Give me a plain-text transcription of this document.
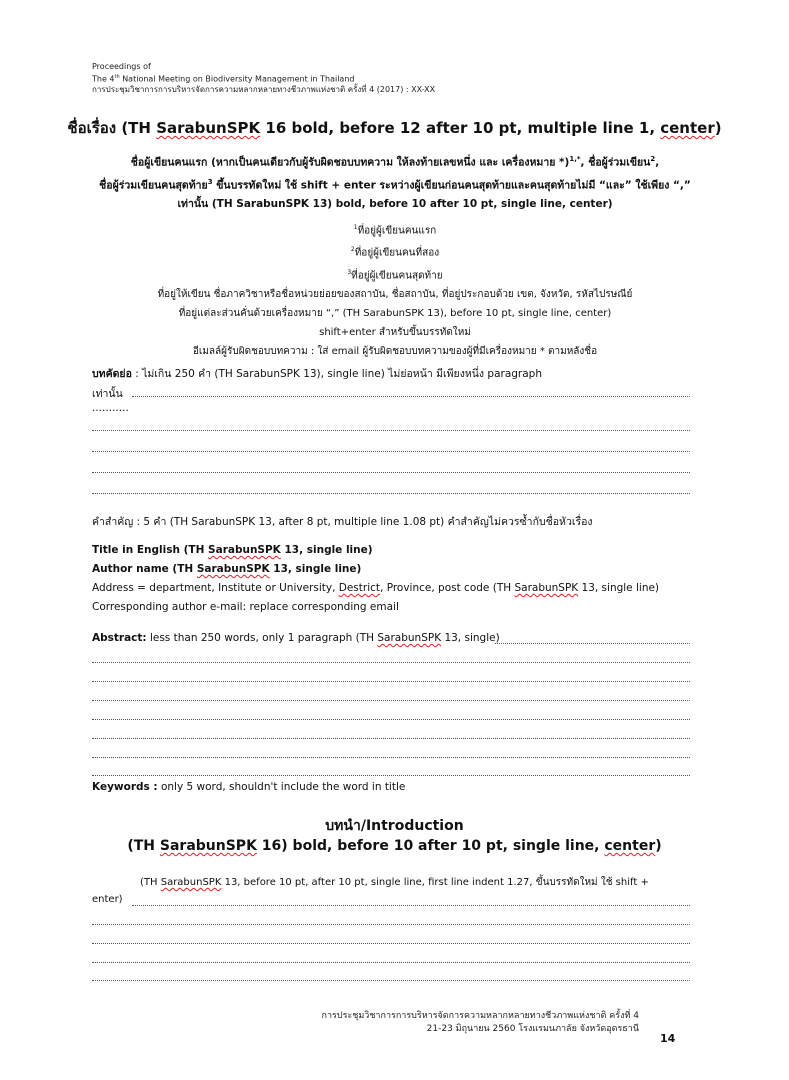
Proceedings of
The 4th National Meeting on Biodiversity Management in Thailand
การประชุมวิชาการการบริหารจัดการความหลากหลายทางชีวภาพแห่งชาติ ครั้งที่ 4 (2017) : XX-XX
ชื่อเรื่อง (TH SarabunSPK 16 bold, before 12 after 10 pt, multiple line 1, center)
ชื่อผู้เขียนคนแรก (หากเป็นคนเดียวกับผู้รับผิดชอบบทความ ให้ลงท้ายเลขหนึ่ง และ เครื่องหมาย *)$^{1,*}$, ชื่อผู้ร่วมเขียน$^2$,
ชื่อผู้ร่วมเขียนคนสุดท้าย$^3$ ขึ้นบรรทัดใหม่ ใช้ shift + enter ระหว่างผู้เขียนก่อนคนสุดท้ายและคนสุดท้ายไม่มี “และ” ใช้เพียง “,”
เท่านั้น (TH SarabunSPK 13) bold, before 10 after 10 pt, single line, center)
$^1$ที่อยู่ผู้เขียนคนแรก
$^2$ที่อยู่ผู้เขียนคนที่สอง
$^3$ที่อยู่ผู้เขียนคนสุดท้าย
ที่อยู่ให้เขียน ชื่อภาควิชาหรือชื่อหน่วยย่อยของสถาบัน, ชื่อสถาบัน, ที่อยู่ประกอบด้วย เขต, จังหวัด, รหัสไปรษณีย์
ที่อยู่แต่ละส่วนคั่นด้วยเครื่องหมาย “,” (TH SarabunSPK 13), before 10 pt, single line, center)
shift+enter สำหรับขึ้นบรรทัดใหม่
อีเมลล์ผู้รับผิดชอบบทความ : ใส่ email ผู้รับผิดชอบบทความของผู้ที่มีเครื่องหมาย * ตามหลังชื่อ
บทคัดย่อ : ไม่เกิน 250 คำ (TH SarabunSPK 13), single line) ไม่ย่อหน้า มีเพียงหนึ่ง paragraph
เท่านั้น
...........
คำสำคัญ : 5 คำ (TH SarabunSPK 13, after 8 pt, multiple line 1.08 pt) คำสำคัญไม่ควรซ้ำกับชื่อหัวเรื่อง
Title in English (TH SarabunSPK 13, single line)
Author name (TH SarabunSPK 13, single line)
Address = department, Institute or University, Destrict, Province, post code (TH SarabunSPK 13, single line)
Corresponding author e-mail: replace corresponding email
Abstract: less than 250 words, only 1 paragraph (TH SarabunSPK 13, single)
Keywords : only 5 word, shouldn't include the word in title
บทนำ/Introduction
(TH SarabunSPK 16) bold, before 10 after 10 pt, single line, center)
(TH SarabunSPK 13, before 10 pt, after 10 pt, single line, first line indent 1.27, ขึ้นบรรทัดใหม่ ใช้ shift +
enter)
การประชุมวิชาการการบริหารจัดการความหลากหลายทางชีวภาพแห่งชาติ ครั้งที่ 4
21-23 มิถุนายน 2560 โรงแรมนภาลัย จังหวัดอุดรธานี
14
